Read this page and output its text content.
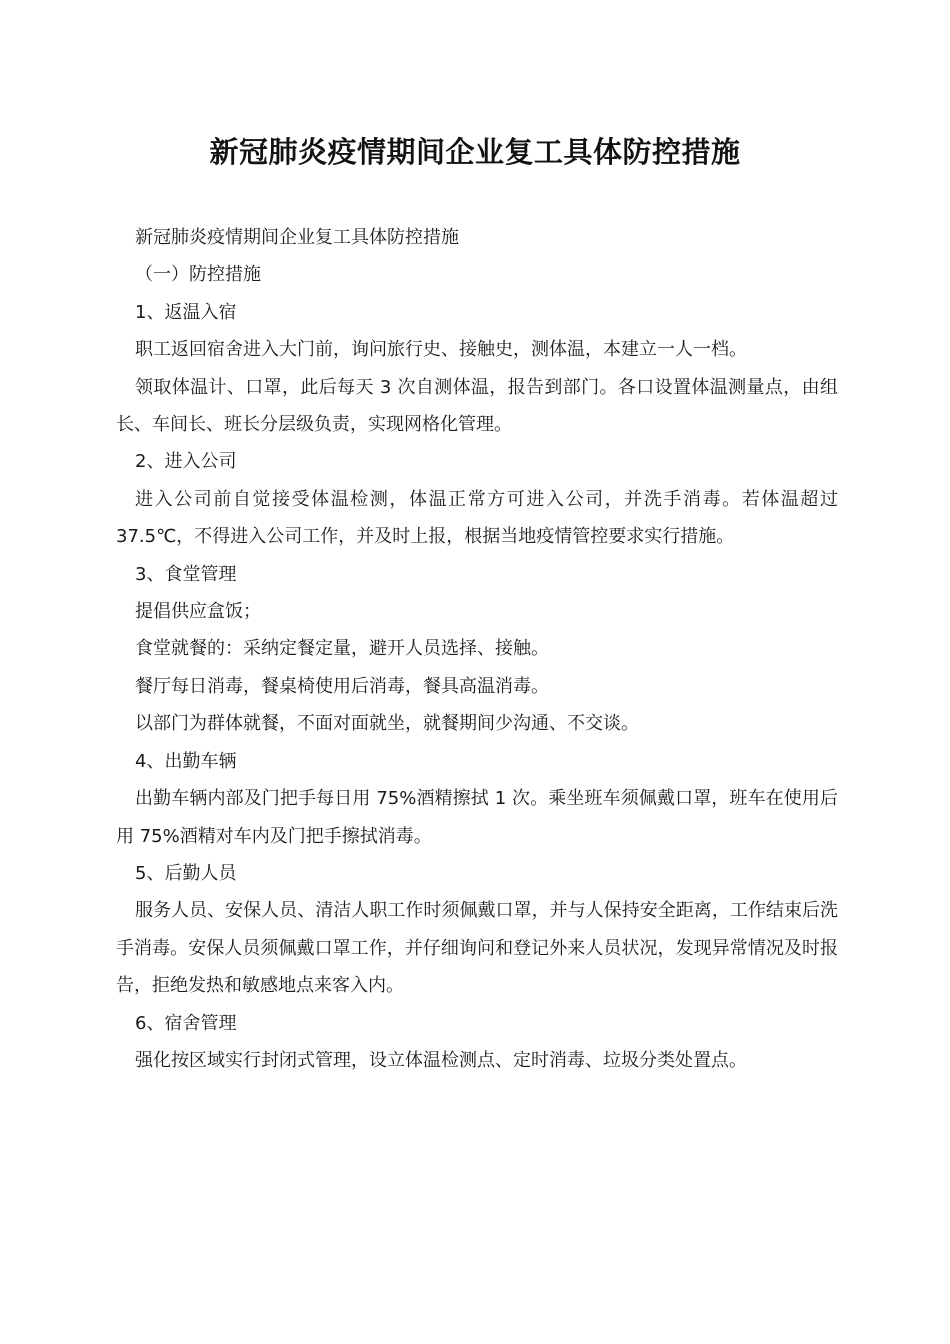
新冠肺炎疫情期间企业复工具体防控措施

新冠肺炎疫情期间企业复工具体防控措施

（一）防控措施

1、返温入宿

职工返回宿舍进入大门前，询问旅行史、接触史，测体温，本建立一人一档。

领取体温计、口罩，此后每天 3 次自测体温，报告到部门。各口设置体温测量点，由组长、车间长、班长分层级负责，实现网格化管理。

2、进入公司

进入公司前自觉接受体温检测，体温正常方可进入公司，并洗手消毒。若体温超过 37.5℃，不得进入公司工作，并及时上报，根据当地疫情管控要求实行措施。

3、食堂管理

提倡供应盒饭；

食堂就餐的：采纳定餐定量，避开人员选择、接触。

餐厅每日消毒，餐桌椅使用后消毒，餐具高温消毒。

以部门为群体就餐，不面对面就坐，就餐期间少沟通、不交谈。

4、出勤车辆

出勤车辆内部及门把手每日用 75%酒精擦拭 1 次。乘坐班车须佩戴口罩，班车在使用后用 75%酒精对车内及门把手擦拭消毒。

5、后勤人员

服务人员、安保人员、清洁人职工作时须佩戴口罩，并与人保持安全距离，工作结束后洗手消毒。安保人员须佩戴口罩工作，并仔细询问和登记外来人员状况，发现异常情况及时报告，拒绝发热和敏感地点来客入内。

6、宿舍管理

强化按区域实行封闭式管理，设立体温检测点、定时消毒、垃圾分类处置点。
